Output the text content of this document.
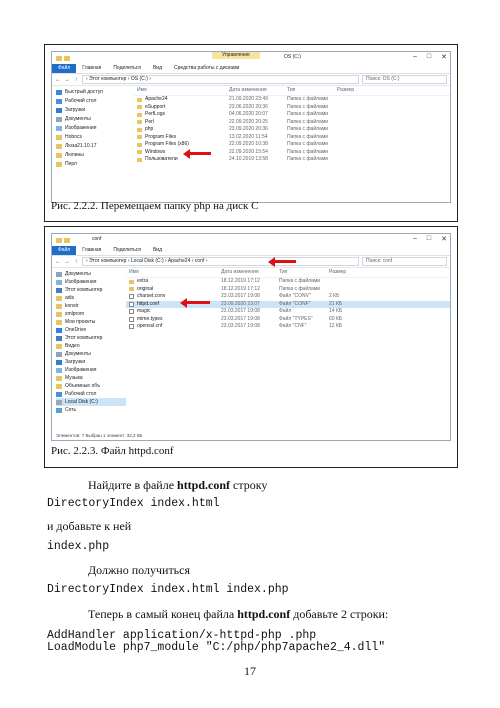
Управление	OS (C:)	– □ ✕
Файл	Главная	Поделиться	Вид	Средства работы с дисками
← → ↑	› Этот компьютер › OS (C:) ›	Поиск: OS (C:)
Быстрый доступ
Рабочий стол
Загрузки
Документы
Изображения
Hobocs
Люза21.10.17
Люпины
Перл
Имя	Дата изменения	Тип	Размер
Apache24	21.09.2020 23:49	Папка с файлами
eSupport	23.06.2020 20:36	Папка с файлами
PerfLogs	04.06.2020 20:07	Папка с файлами
Perl	22.09.2020 20:25	Папка с файлами
php	23.09.2020 20:36	Папка с файлами
Program Files	13.02.2020 11:54	Папка с файлами
Program Files (x86)	22.09.2020 10:38	Папка с файлами
Windows	22.09.2020 15:54	Папка с файлами
Пользователи	24.10.2019 13:58	Папка с файлами
Рис. 2.2.2. Перемещаем папку php на диск C
conf	– □ ✕
Файл	Главная	Поделиться	Вид
← → ↑	› Этот компьютер › Local Disk (C:) › Apache24 › conf ›	Поиск: conf
Документы
Изображения
Этот компьютер
adis
konstr
xmlprom
Мои проекты
OneDrive
Этот компьютер
Видео
Документы
Загрузки
Изображения
Музыка
Объемные объ
Рабочий стол
Local Disk (C:)
Сеть
Имя	Дата изменения	Тип	Размер
extra	18.12.2019 17:12	Папка с файлами
original	18.12.2019 17:12	Папка с файлами
charset.conv	23.03.2017 19:08	Файл "CONV"	2 КБ
httpd.conf	23.09.2020 23:07	Файл "CONF"	21 КБ
magic	23.03.2017 19:08	Файл	14 КБ
mime.types	23.03.2017 19:08	Файл "TYPES"	60 КБ
openssl.cnf	23.03.2017 19:08	Файл "CNF"	12 КБ
Элементов: 7 Выбран 1 элемент: 32,2 КБ
Рис. 2.2.3. Файл httpd.conf
Найдите в файле httpd.conf строку
DirectoryIndex index.html
и добавьте к ней
index.php
Должно получиться
DirectoryIndex index.html index.php
Теперь в самый конец файла httpd.conf добавьте 2 строки:
AddHandler application/x-httpd-php .php
LoadModule php7_module "C:/php/php7apache2_4.dll"
17
